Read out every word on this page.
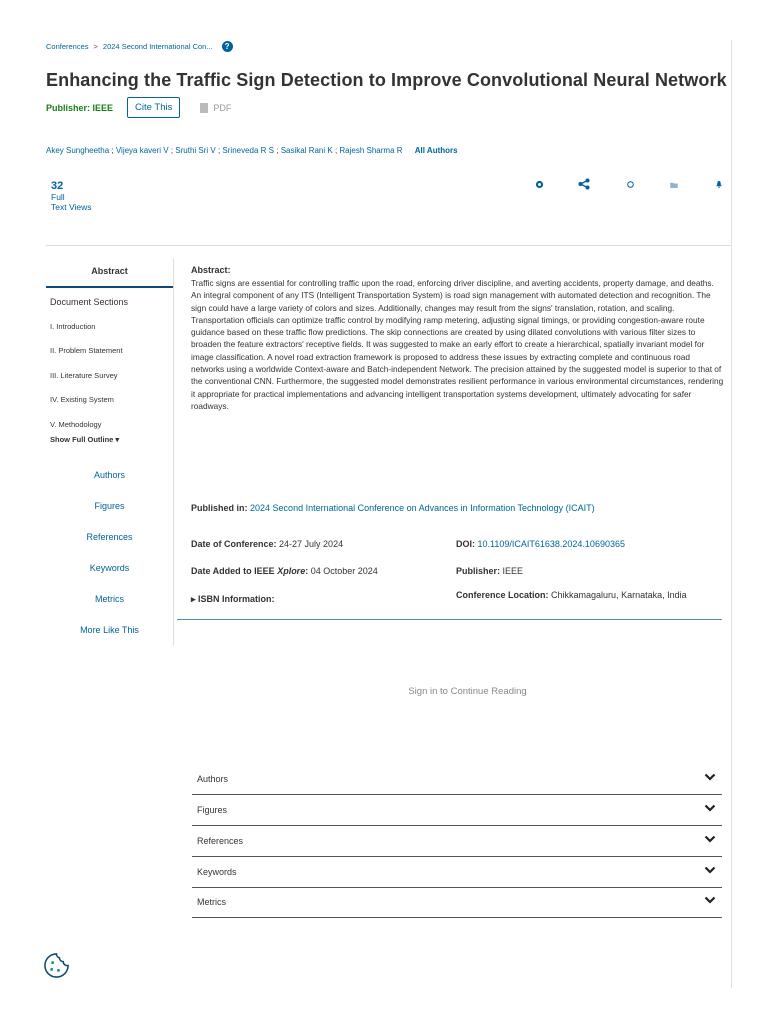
Conferences > 2024 Second International Con...	?
Enhancing the Traffic Sign Detection to Improve Convolutional Neural Network
Publisher: IEEE	Cite This	PDF
Akey Sungheetha ; Vijeya kaveri V ; Sruthi Sri V ; Srineveda R S ; Sasikal Rani K ; Rajesh Sharma R All Authors
32
Full
Text Views
Abstract
Document Sections
I. Introduction
II. Problem Statement
III. Literature Survey
IV. Existing System
V. Methodology
Show Full Outline ▾
Authors
Figures
References
Keywords
Metrics
More Like This
Abstract:

Traffic signs are essential for controlling traffic upon the road, enforcing driver discipline, and averting accidents, property damage, and deaths. An integral component of any ITS (Intelligent Transportation System) is road sign management with automated detection and recognition. The sign could have a large variety of colors and sizes. Additionally, changes may result from the signs' translation, rotation, and scaling. Transportation officials can optimize traffic control by modifying ramp metering, adjusting signal timings, or providing congestion-aware route guidance based on these traffic flow predictions. The skip connections are created by using dilated convolutions with various filter sizes to broaden the feature extractors' receptive fields. It was suggested to make an early effort to create a hierarchical, spatially invariant model for image classification. A novel road extraction framework is proposed to address these issues by extracting complete and continuous road networks using a worldwide Context-aware and Batch-independent Network. The precision attained by the suggested model is superior to that of the conventional CNN. Furthermore, the suggested model demonstrates resilient performance in various environmental circumstances, rendering it appropriate for practical implementations and advancing intelligent transportation systems development, ultimately advocating for safer roadways.

Published in: 2024 Second International Conference on Advances in Information Technology (ICAIT)
Date of Conference: 24-27 July 2024	DOI: 10.1109/ICAIT61638.2024.10690365
Date Added to IEEE Xplore: 04 October 2024	Publisher: IEEE
▸ ISBN Information:	Conference Location: Chikkamagaluru, Karnataka, India
Sign in to Continue Reading
Authors
Figures
References
Keywords
Metrics
